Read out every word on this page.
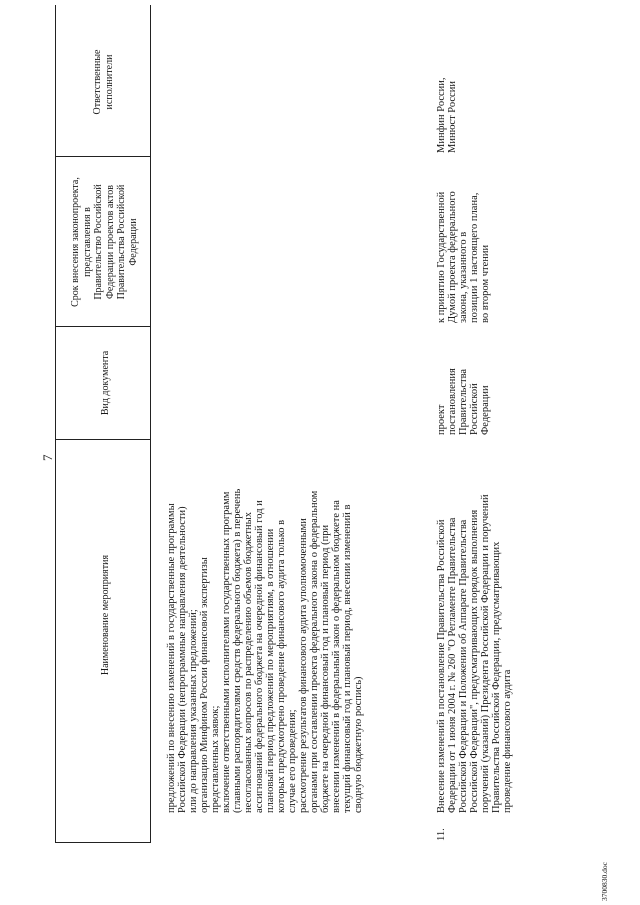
7
Наименование мероприятия
Вид документа
Срок внесения законопроекта,
представления в
Правительство Российской
Федерации проектов актов
Правительства Российской
Федерации
Ответственные
исполнители
предложений по внесению изменений в государственные программы
Российской Федерации (непрограммные направления деятельности)
или до направления указанных предложений;
организацию Минфином России финансовой экспертизы
представленных заявок;
включение ответственными исполнителями государственных программ
(главными распорядителями средств федерального бюджета) в перечень
несогласованных вопросов по распределению объемов бюджетных
ассигнований федерального бюджета на очередной финансовый год и
плановый период предложений по мероприятиям, в отношении
которых предусмотрено проведение финансового аудита только в
случае его проведения;
рассмотрение результатов финансового аудита уполномоченными
органами при составлении проекта федерального закона о федеральном
бюджете на очередной финансовый год и плановый период (при
внесении изменений в федеральный закон о федеральном бюджете на
текущий финансовый год и плановый период, внесении изменений в
сводную бюджетную роспись)
11.
Внесение изменений в постановление Правительства Российской
Федерации от 1 июня 2004 г. № 260 "О Регламенте Правительства
Российской Федерации и Положении об Аппарате Правительства
Российской Федерации", предусматривающих порядок выполнения
поручений (указаний) Президента Российской Федерации и поручений
Правительства Российской Федерации, предусматривающих
проведение финансового аудита
проект
постановления
Правительства
Российской
Федерации
к принятию Государственной
Думой проекта федерального
закона, указанного в
позиции 1 настоящего плана,
во втором чтении
Минфин России,
Минюст России
3700830.doc
